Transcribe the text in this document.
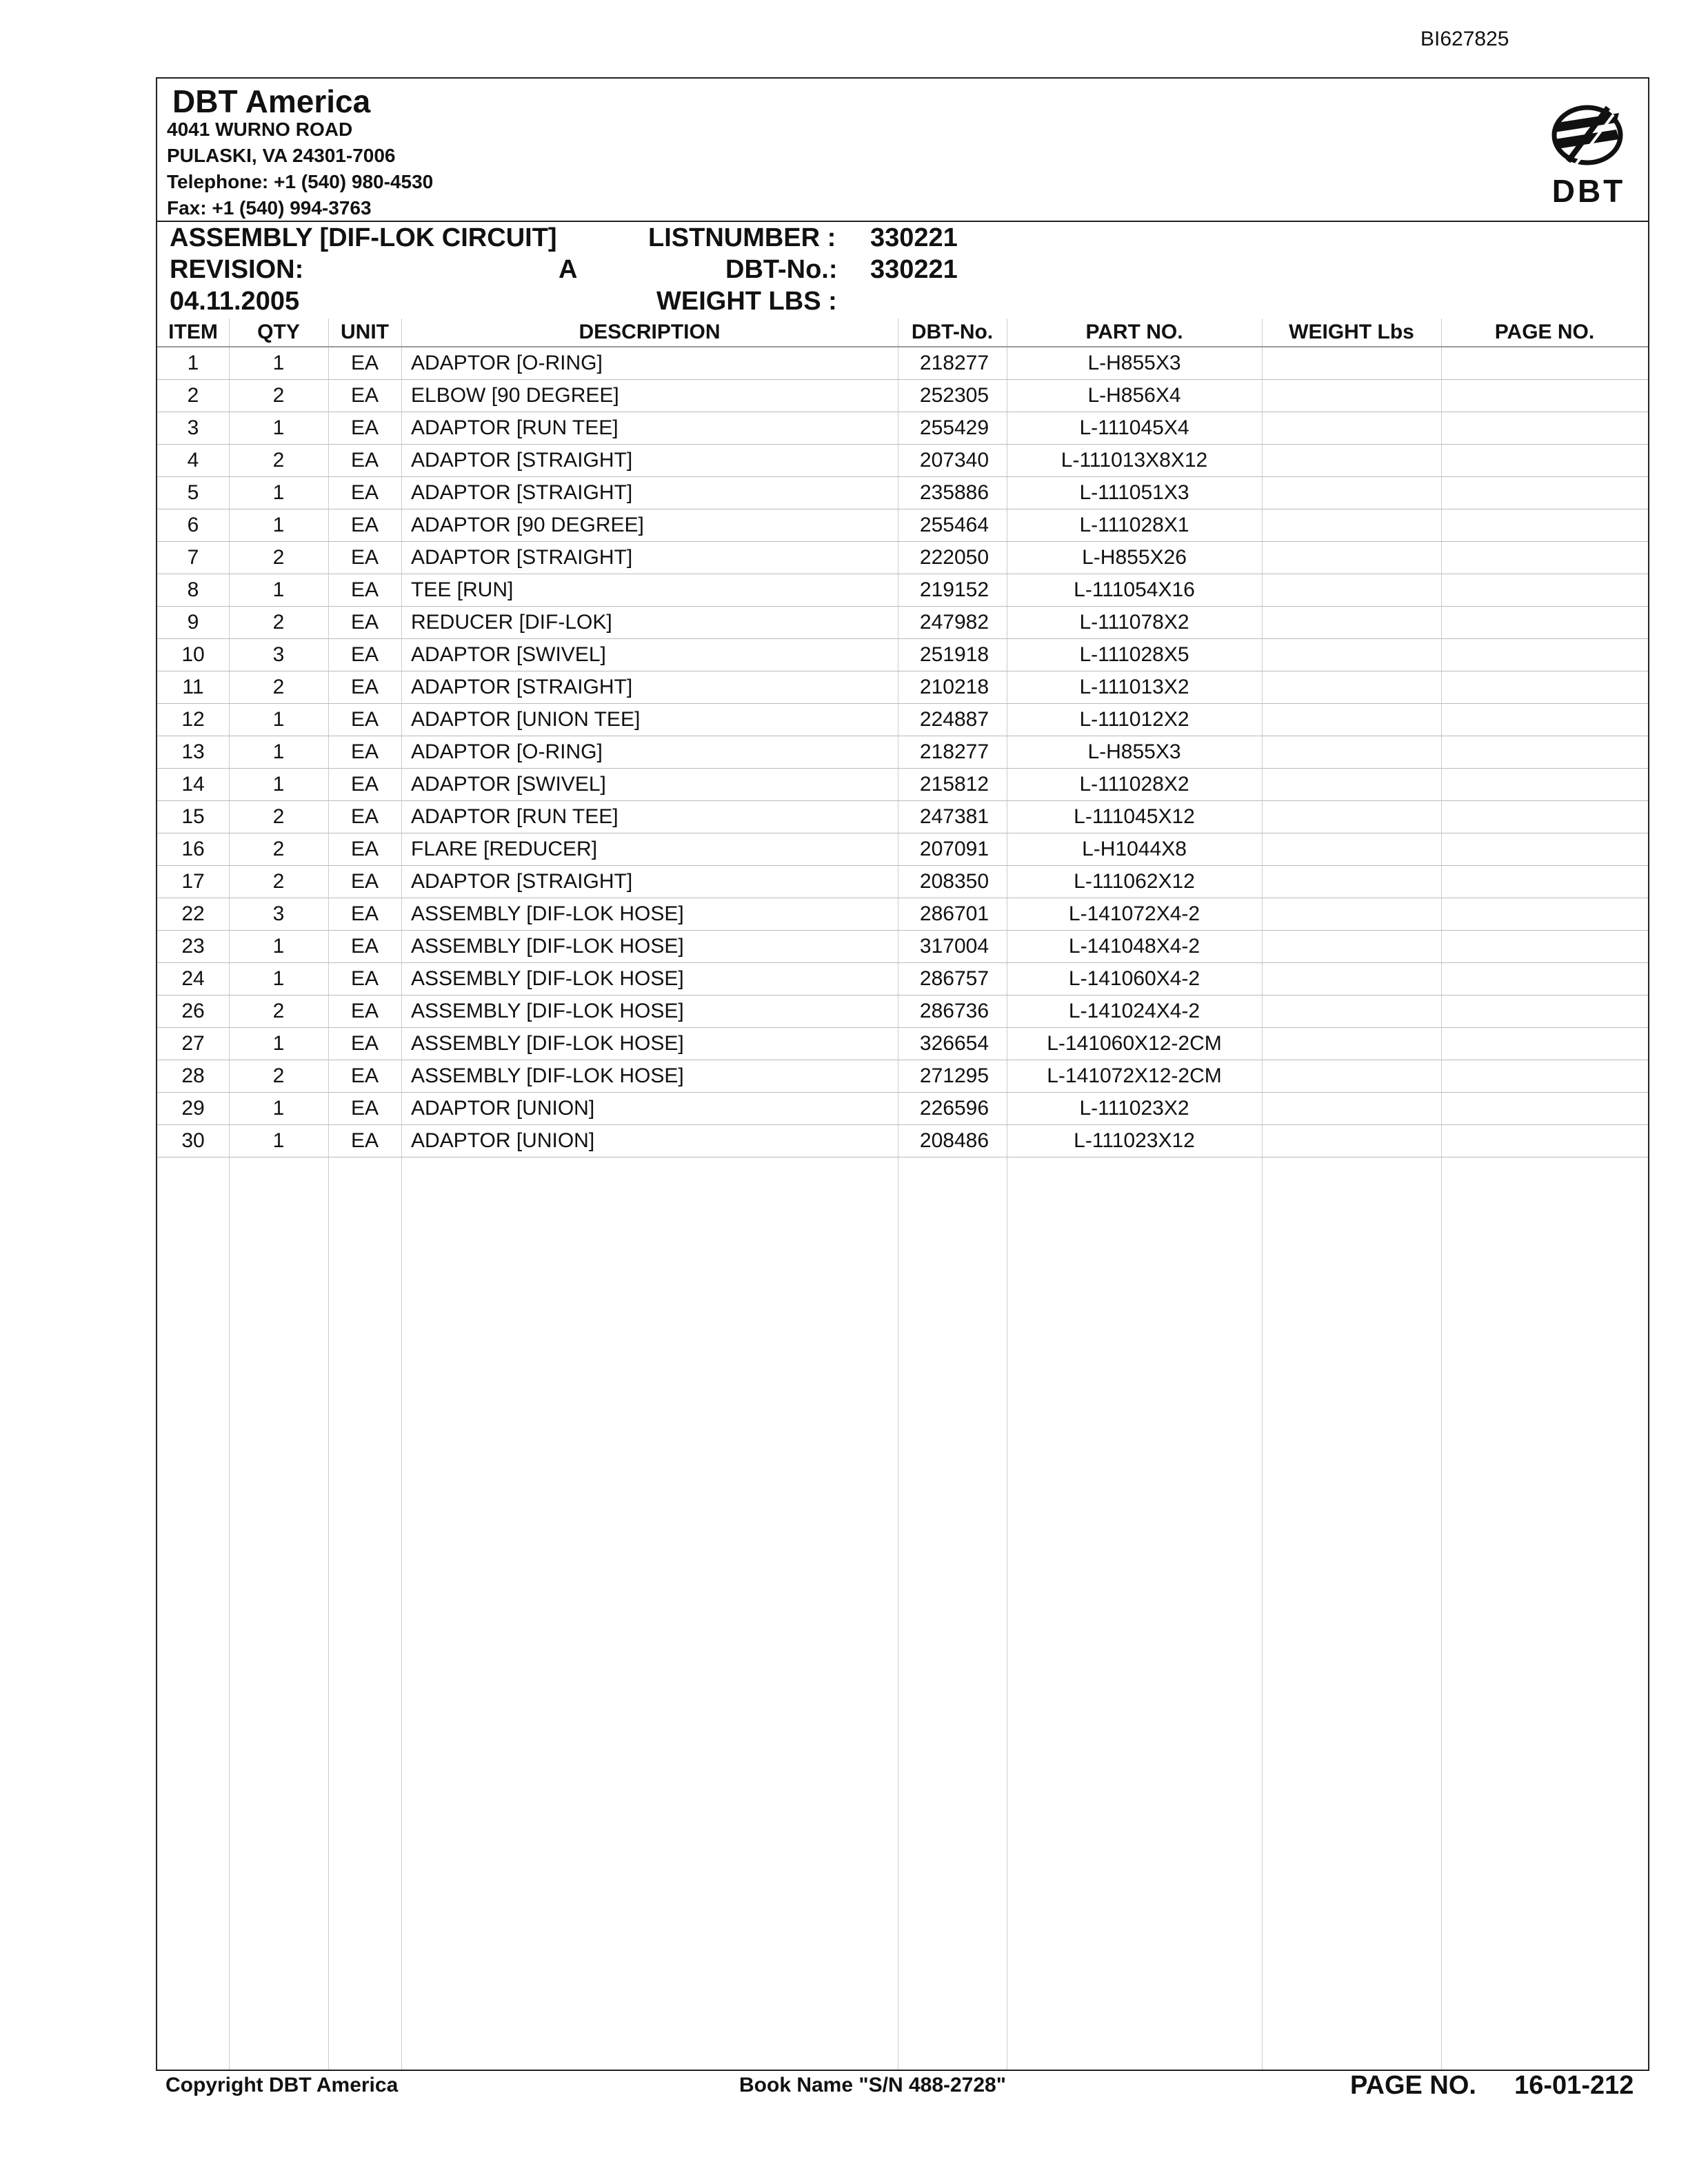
BI627825
DBT America
4041 WURNO ROAD
PULASKI, VA 24301-7006
Telephone: +1 (540) 980-4530
Fax: +1 (540) 994-3763	DBT
ASSEMBLY [DIF-LOK CIRCUIT]
REVISION:	A
04.11.2005
LISTNUMBER : 330221
DBT-No.: 330221
WEIGHT LBS :
ITEM	QTY	UNIT	DESCRIPTION	DBT-No.	PART NO.	WEIGHT Lbs	PAGE NO.
1	1	EA	ADAPTOR [O-RING]	218277	L-H855X3		
2	2	EA	ELBOW [90 DEGREE]	252305	L-H856X4		
3	1	EA	ADAPTOR [RUN TEE]	255429	L-111045X4		
4	2	EA	ADAPTOR [STRAIGHT]	207340	L-111013X8X12		
5	1	EA	ADAPTOR [STRAIGHT]	235886	L-111051X3		
6	1	EA	ADAPTOR [90 DEGREE]	255464	L-111028X1		
7	2	EA	ADAPTOR [STRAIGHT]	222050	L-H855X26		
8	1	EA	TEE [RUN]	219152	L-111054X16		
9	2	EA	REDUCER [DIF-LOK]	247982	L-111078X2		
10	3	EA	ADAPTOR [SWIVEL]	251918	L-111028X5		
11	2	EA	ADAPTOR [STRAIGHT]	210218	L-111013X2		
12	1	EA	ADAPTOR [UNION TEE]	224887	L-111012X2		
13	1	EA	ADAPTOR [O-RING]	218277	L-H855X3		
14	1	EA	ADAPTOR [SWIVEL]	215812	L-111028X2		
15	2	EA	ADAPTOR [RUN TEE]	247381	L-111045X12		
16	2	EA	FLARE [REDUCER]	207091	L-H1044X8		
17	2	EA	ADAPTOR [STRAIGHT]	208350	L-111062X12		
22	3	EA	ASSEMBLY [DIF-LOK HOSE]	286701	L-141072X4-2		
23	1	EA	ASSEMBLY [DIF-LOK HOSE]	317004	L-141048X4-2		
24	1	EA	ASSEMBLY [DIF-LOK HOSE]	286757	L-141060X4-2		
26	2	EA	ASSEMBLY [DIF-LOK HOSE]	286736	L-141024X4-2		
27	1	EA	ASSEMBLY [DIF-LOK HOSE]	326654	L-141060X12-2CM		
28	2	EA	ASSEMBLY [DIF-LOK HOSE]	271295	L-141072X12-2CM		
29	1	EA	ADAPTOR [UNION]	226596	L-111023X2		
30	1	EA	ADAPTOR [UNION]	208486	L-111023X12		
Copyright DBT America	Book Name "S/N 488-2728"	PAGE NO. 16-01-212
